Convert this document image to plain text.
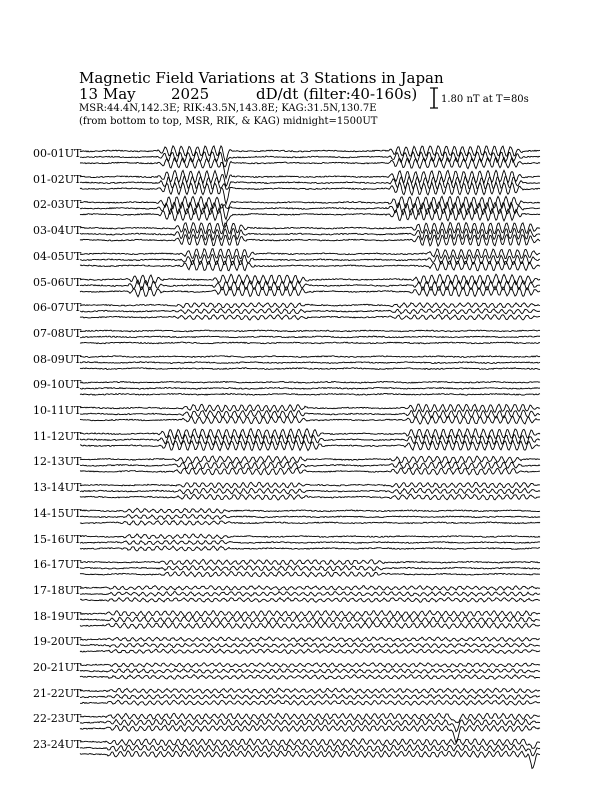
Magnetic Field Variations at 3 Stations in Japan
13 May 2025	dD/dt (filter:40-160s)
MSR:44.4N,142.3E; RIK:43.5N,143.8E; KAG:31.5N,130.7E
(from bottom to top, MSR, RIK, & KAG) midnight=1500UT
1.80 nT at T=80s
00-01UT
01-02UT
02-03UT
03-04UT
04-05UT
05-06UT
06-07UT
07-08UT
08-09UT
09-10UT
10-11UT
11-12UT
12-13UT
13-14UT
14-15UT
15-16UT
16-17UT
17-18UT
18-19UT
19-20UT
20-21UT
21-22UT
22-23UT
23-24UT
